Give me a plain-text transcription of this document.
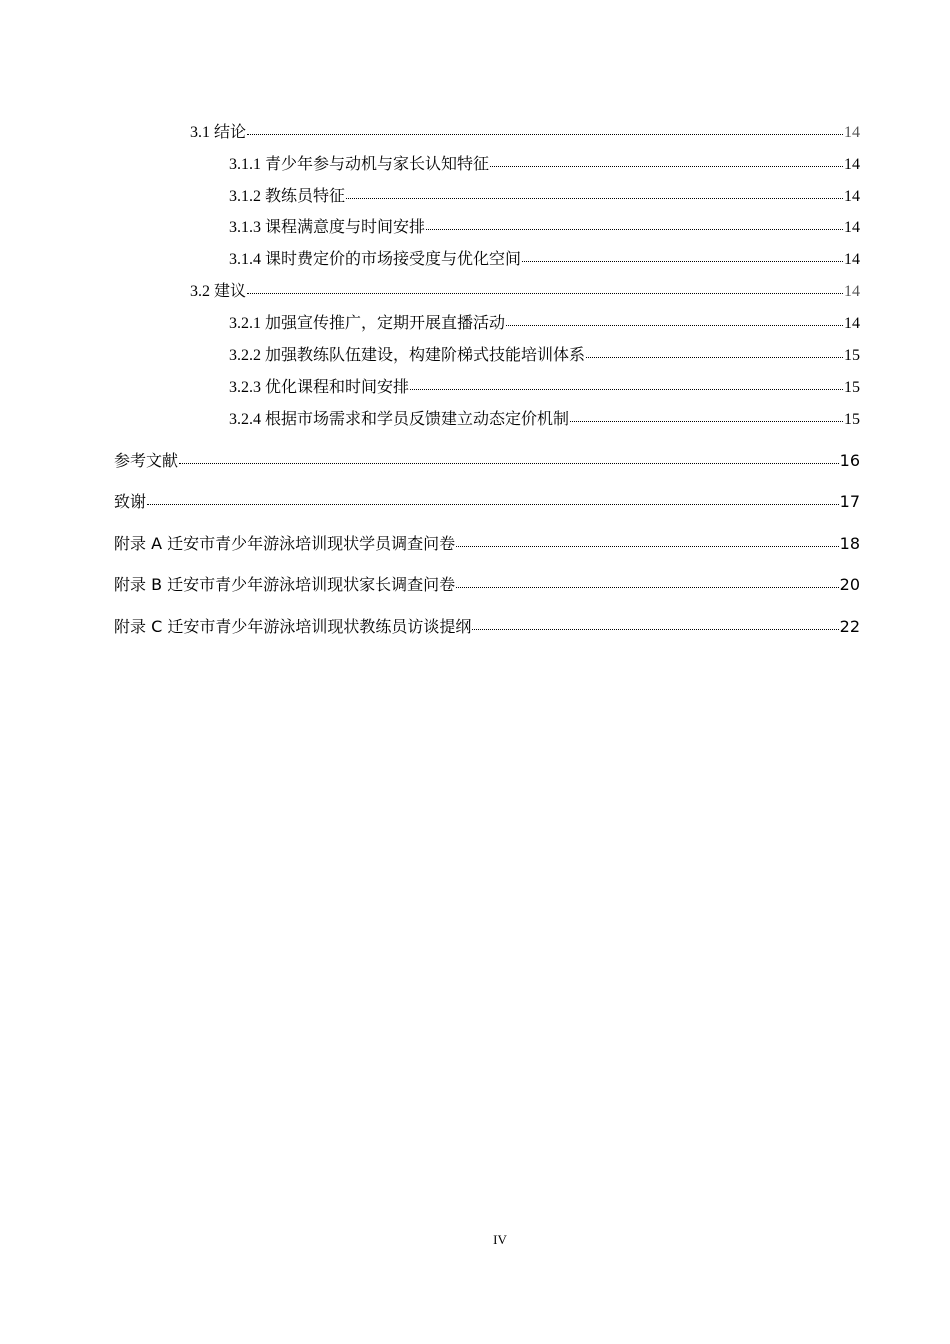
3.1 结论	14
3.1.1 青少年参与动机与家长认知特征	14
3.1.2 教练员特征	14
3.1.3 课程满意度与时间安排	14
3.1.4 课时费定价的市场接受度与优化空间	14
3.2 建议	14
3.2.1 加强宣传推广，定期开展直播活动	14
3.2.2 加强教练队伍建设，构建阶梯式技能培训体系	15
3.2.3 优化课程和时间安排	15
3.2.4 根据市场需求和学员反馈建立动态定价机制	15
参考文献	16
致谢	17
附录 A 迁安市青少年游泳培训现状学员调查问卷	18
附录 B 迁安市青少年游泳培训现状家长调查问卷	20
附录 C 迁安市青少年游泳培训现状教练员访谈提纲	22
IV
